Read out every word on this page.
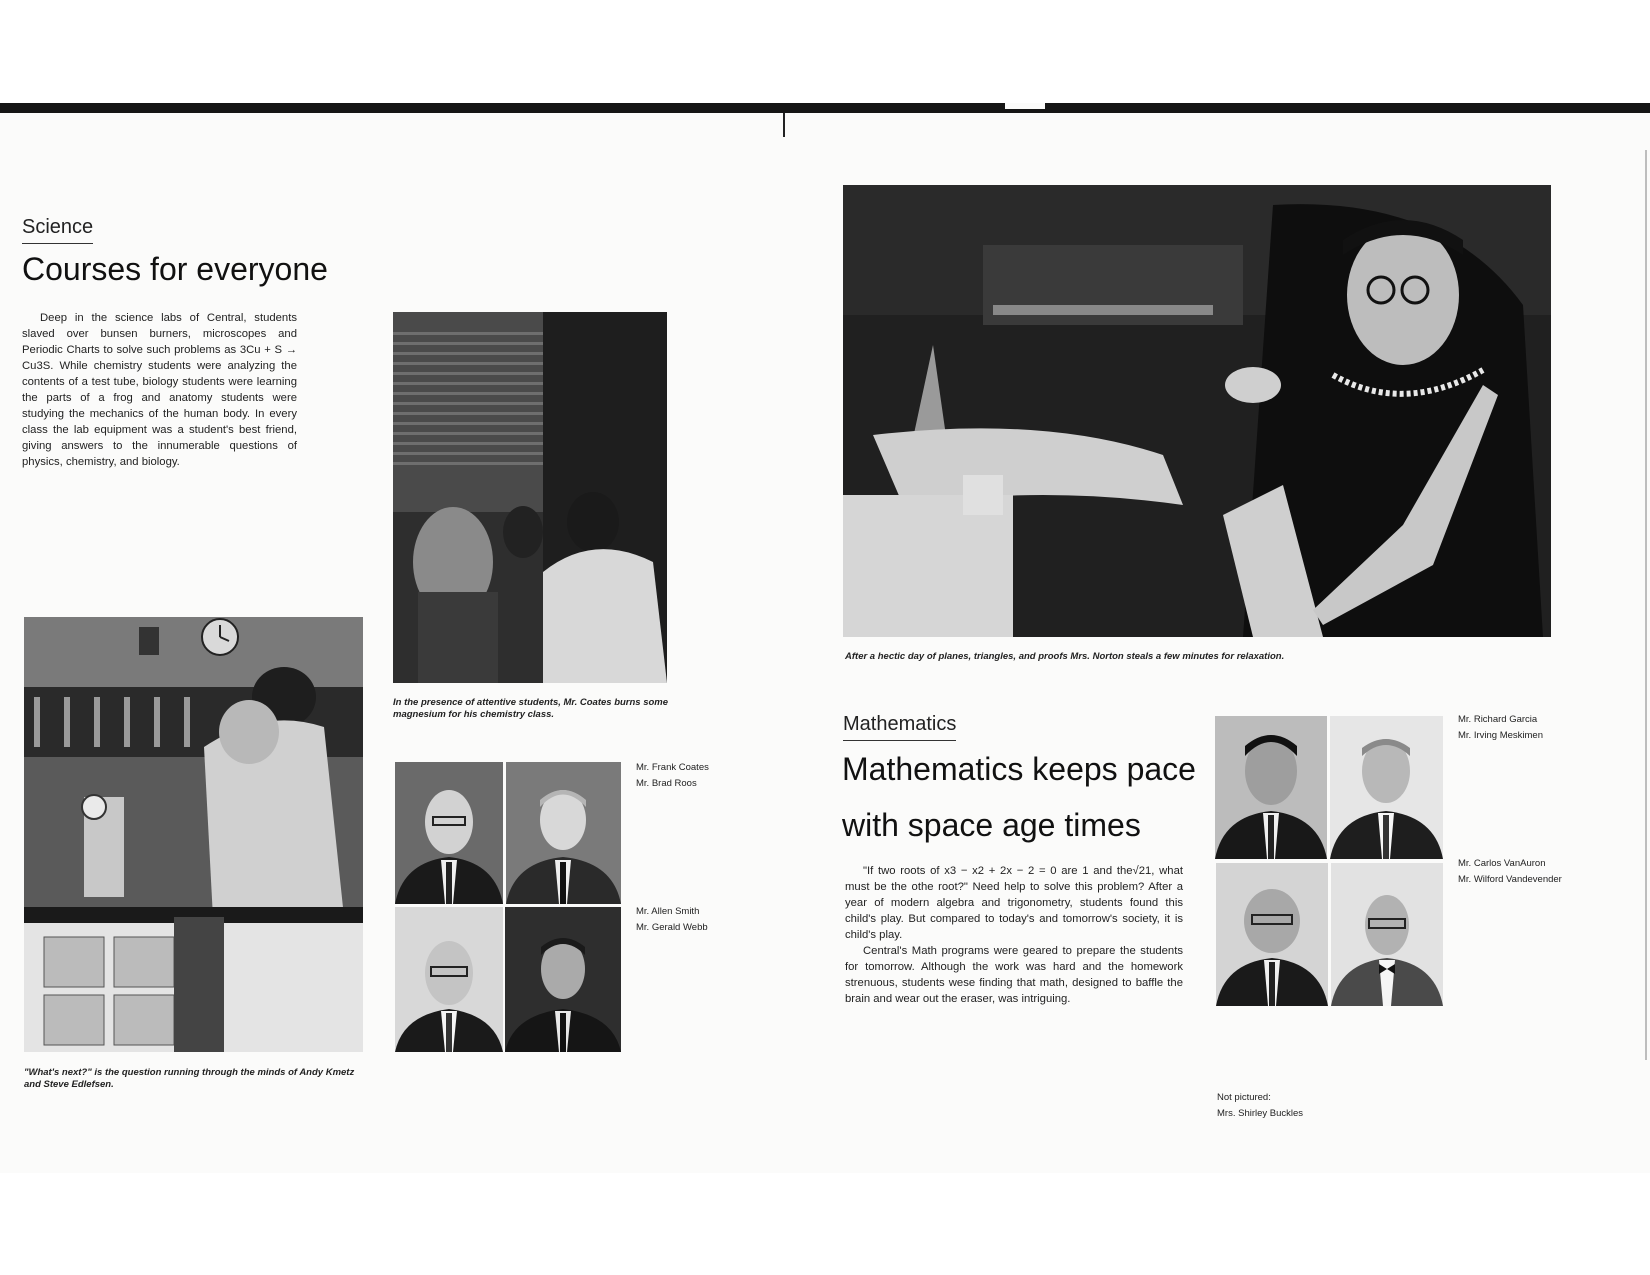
Science
Courses for everyone

Deep in the science labs of Central, students slaved over bunsen burners, microscopes and Periodic Charts to solve such problems as 3Cu + S → Cu3S. While chemistry students were analyzing the contents of a test tube, biology students were learning the parts of a frog and anatomy students were studying the mechanics of the human body. In every class the lab equipment was a student's best friend, giving answers to the innumerable questions of physics, chemistry, and biology.

In the presence of attentive students, Mr. Coates burns some magnesium for his chemistry class.
"What's next?" is the question running through the minds of Andy Kmetz and Steve Edlefsen.
Mr. Frank Coates
Mr. Brad Roos
Mr. Allen Smith
Mr. Gerald Webb
After a hectic day of planes, triangles, and proofs Mrs. Norton steals a few minutes for relaxation.
Mathematics
Mathematics keeps pace
with space age times

"If two roots of x3 − x2 + 2x − 2 = 0 are 1 and the√21, what must be the othe root?" Need help to solve this problem? After a year of modern algebra and trigonometry, students found this child's play. But compared to today's and tomorrow's society, it is child's play.

Central's Math programs were geared to prepare the students for tomorrow. Although the work was hard and the homework strenuous, students wese finding that math, designed to baffle the brain and wear out the eraser, was intriguing.

Mr. Richard Garcia
Mr. Irving Meskimen
Mr. Carlos VanAuron
Mr. Wilford Vandevender
Not pictured:
Mrs. Shirley Buckles
